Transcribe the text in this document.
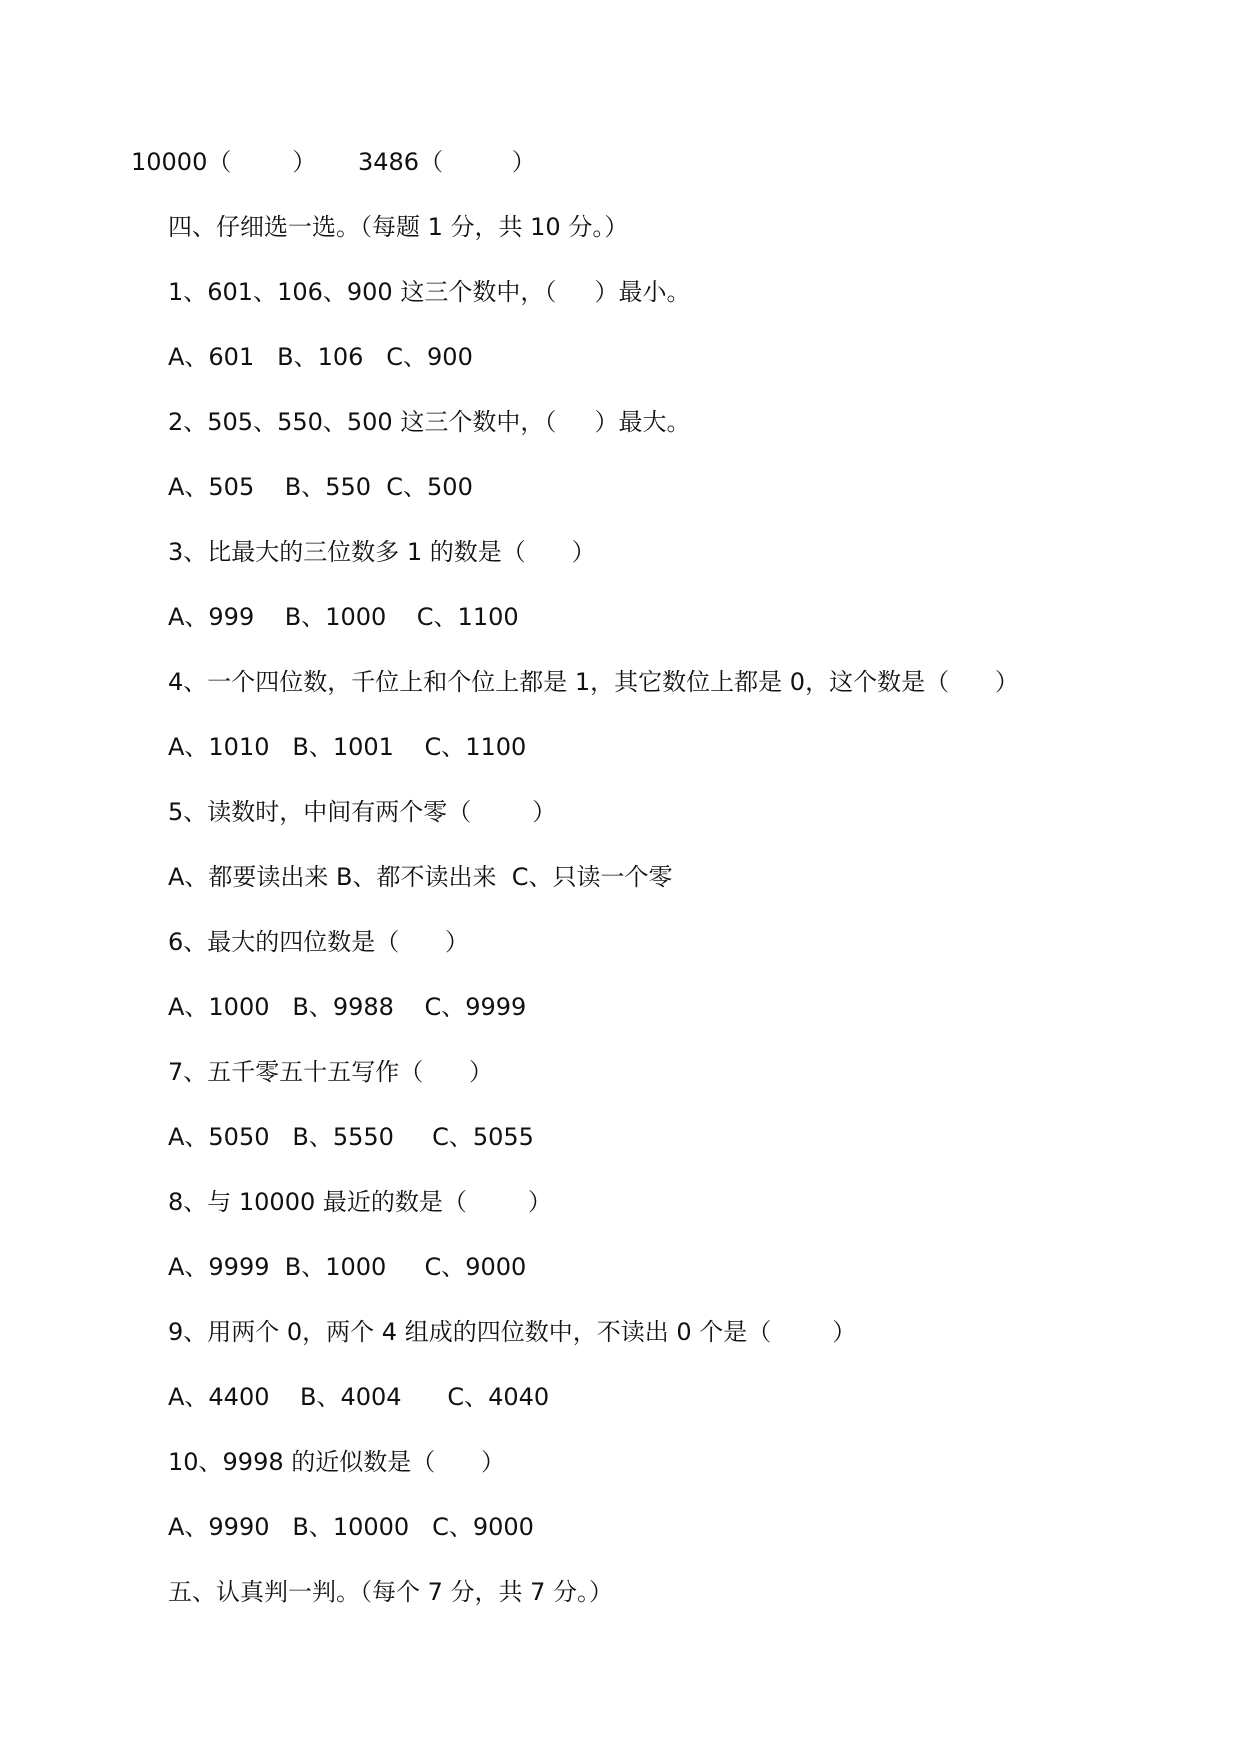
10000（        ） 3486（         ）
四、仔细选一选。（每题 1 分，共 10 分。）
1、601、106、900 这三个数中，（     ）最小。
A、601   B、106   C、900
2、505、550、500 这三个数中，（     ）最大。
A、505    B、550  C、500
3、比最大的三位数多 1 的数是（      ）
A、999    B、1000    C、1100
4、一个四位数，千位上和个位上都是 1，其它数位上都是 0，这个数是（      ）
A、1010   B、1001    C、1100
5、读数时，中间有两个零（        ）
A、都要读出来 B、都不读出来  C、只读一个零
6、最大的四位数是（      ）
A、1000   B、9988    C、9999
7、五千零五十五写作（      ）
A、5050   B、5550     C、5055
8、与 10000 最近的数是（        ）
A、9999  B、1000     C、9000
9、用两个 0，两个 4 组成的四位数中，不读出 0 个是（        ）
A、4400    B、4004      C、4040
10、9998 的近似数是（      ）
A、9990   B、10000   C、9000
五、认真判一判。（每个 7 分，共 7 分。）
